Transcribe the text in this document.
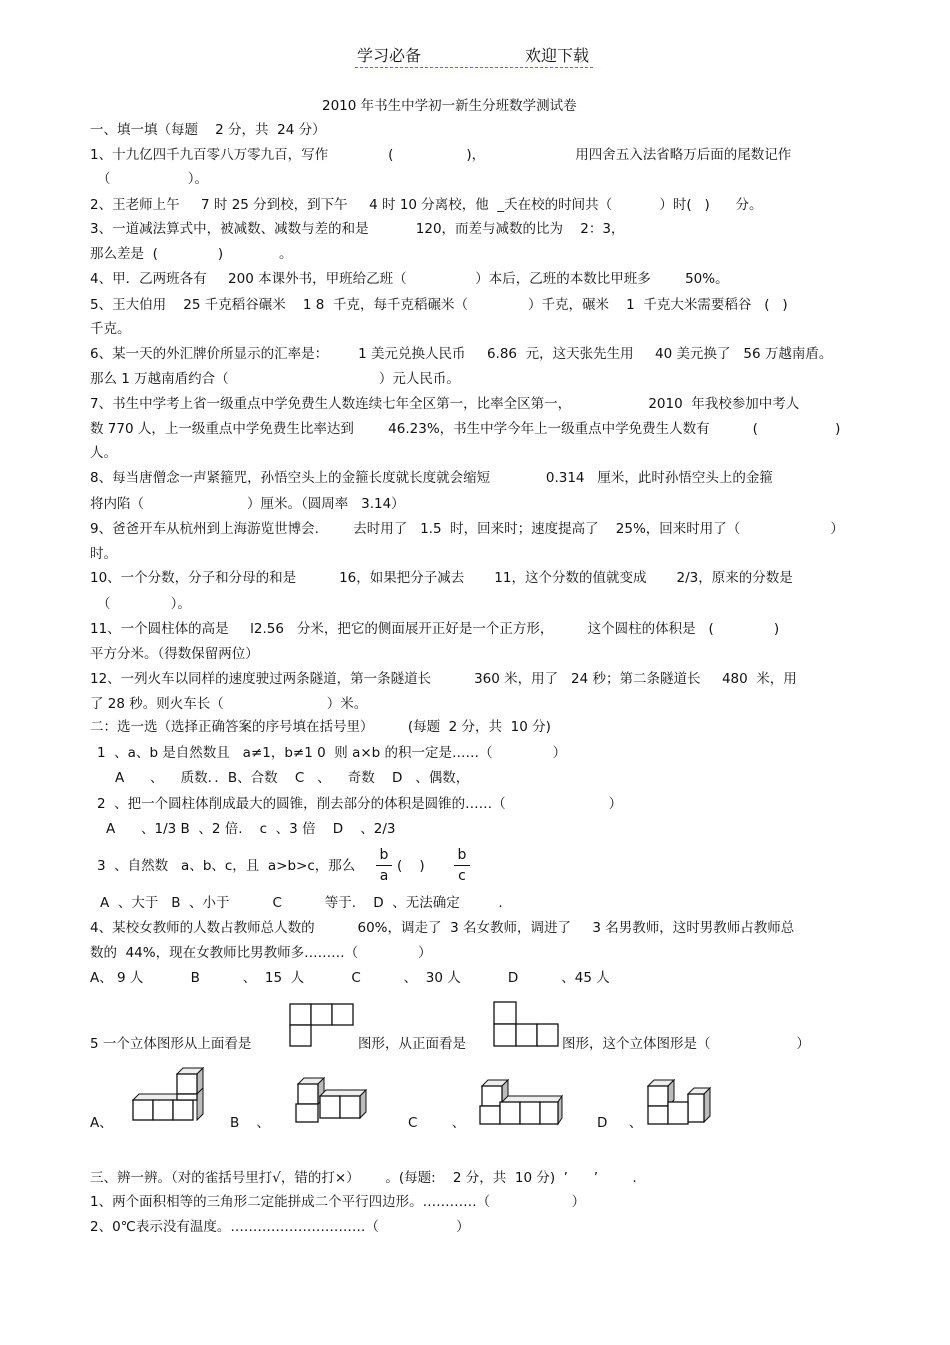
学习必备	欢迎下载
2010 年书生中学初一新生分班数学测试卷
一、填一填（每题    2 分，共  24 分）
1、十九亿四千九百零八万零九百，写作              (                 )，                     用四舍五入法省略万后面的尾数记作
（                  ）。
2、王老师上午     7 时 25 分到校，到下午     4 时 10 分离校，他  _夭在校的时间共（           ）时(   )      分。
3、一道减法算式中，被减数、减数与差的和是           120，而差与减数的比为    2：3，
那么差是  (              )             。
4、甲．乙两班各有     200 本课外书，甲班给乙班（                ）本后，乙班的本数比甲班多        50%。
5、王大伯用    25 千克稻谷碾米    1 8  千克，每千克稻碾米（              ）千克，碾米    1  千克大米需要稻谷   (   )
千克。
6、某一天的外汇牌价所显示的汇率是：       1 美元兑换人民币     6.86  元，这天张先生用     40 美元换了   56 万越南盾。
那么 1 万越南盾约合（                                   ）元人民币。
7、书生中学考上省一级重点中学免费生人数连续七年全区第一，比率全区第一，                  2010  年我校参加中考人
数 770 人，上一级重点中学免费生比率达到        46.23%，书生中学今年上一级重点中学免费生人数有          (                  )
人。
8、每当唐僧念一声紧箍咒，孙悟空头上的金箍长度就长度就会缩短             0.314   厘米，此时孙悟空头上的金箍
将内陷（                        ）厘米。（圆周率   3.14）
9、爸爸开车从杭州到上海游览世博会.        去时用了   1.5  时，回来时；速度提高了    25%，回来时用了（                     ）
时。
10、一个分数，分子和分母的和是          16，如果把分子减去       11，这个分数的值就变成       2/3，原来的分数是
（              ）。
11、一个圆柱体的高是     l2.56   分米，把它的侧面展开正好是一个正方形，        这个圆柱的体积是   (              )
平方分米。（得数保留两位）
12、一列火车以同样的速度驶过两条隧道，第一条隧道长          360 米，用了   24 秒；第二条隧道长     480  米，用
了 28 秒。则火车长（                        ）米。
二：选一选（选择正确答案的序号填在括号里）        (每题  2 分，共  10 分)
1  、a、b 是自然数且   a≠1，b≠1 0  则 a×b 的积一定是……（              ）
A      、    质数．．B、合数    C   、    奇数    D   、偶数，
2  、把一个圆柱体削成最大的圆锥，削去部分的体积是圆锥的……（                        ）
A      、1/3 B  、2 倍.    c  、3 倍    D    、2/3
3  、自然数   a、b、c，且  a>b>c，那么
b
a
(    )
b
c
A  、大于   B  、小于          C          等于.    D  、无法确定         .
4、某校女教师的人数占教师总人数的          60%，调走了  3 名女教师，调进了     3 名男教师，这时男教师占教师总
数的  44%，现在女教师比男教师多………（              ）
A、 9 人           B          、  15  人           C          、  30 人           D          、45 人
5 一个立体图形从上面看是	图形，从正面看是	图形，这个立体图形是（                    ）
A、	B    、	C        、	D     、
三、辨一辨。（对的雀括号里打√，错的打×）      。(每题:    2 分，共  10 分)  ’      ’        .
1、两个面积相等的三角形二定能拼成二个平行四边形。…………（                   ）
2、0℃表示没有温度。…………………………（                  ）
